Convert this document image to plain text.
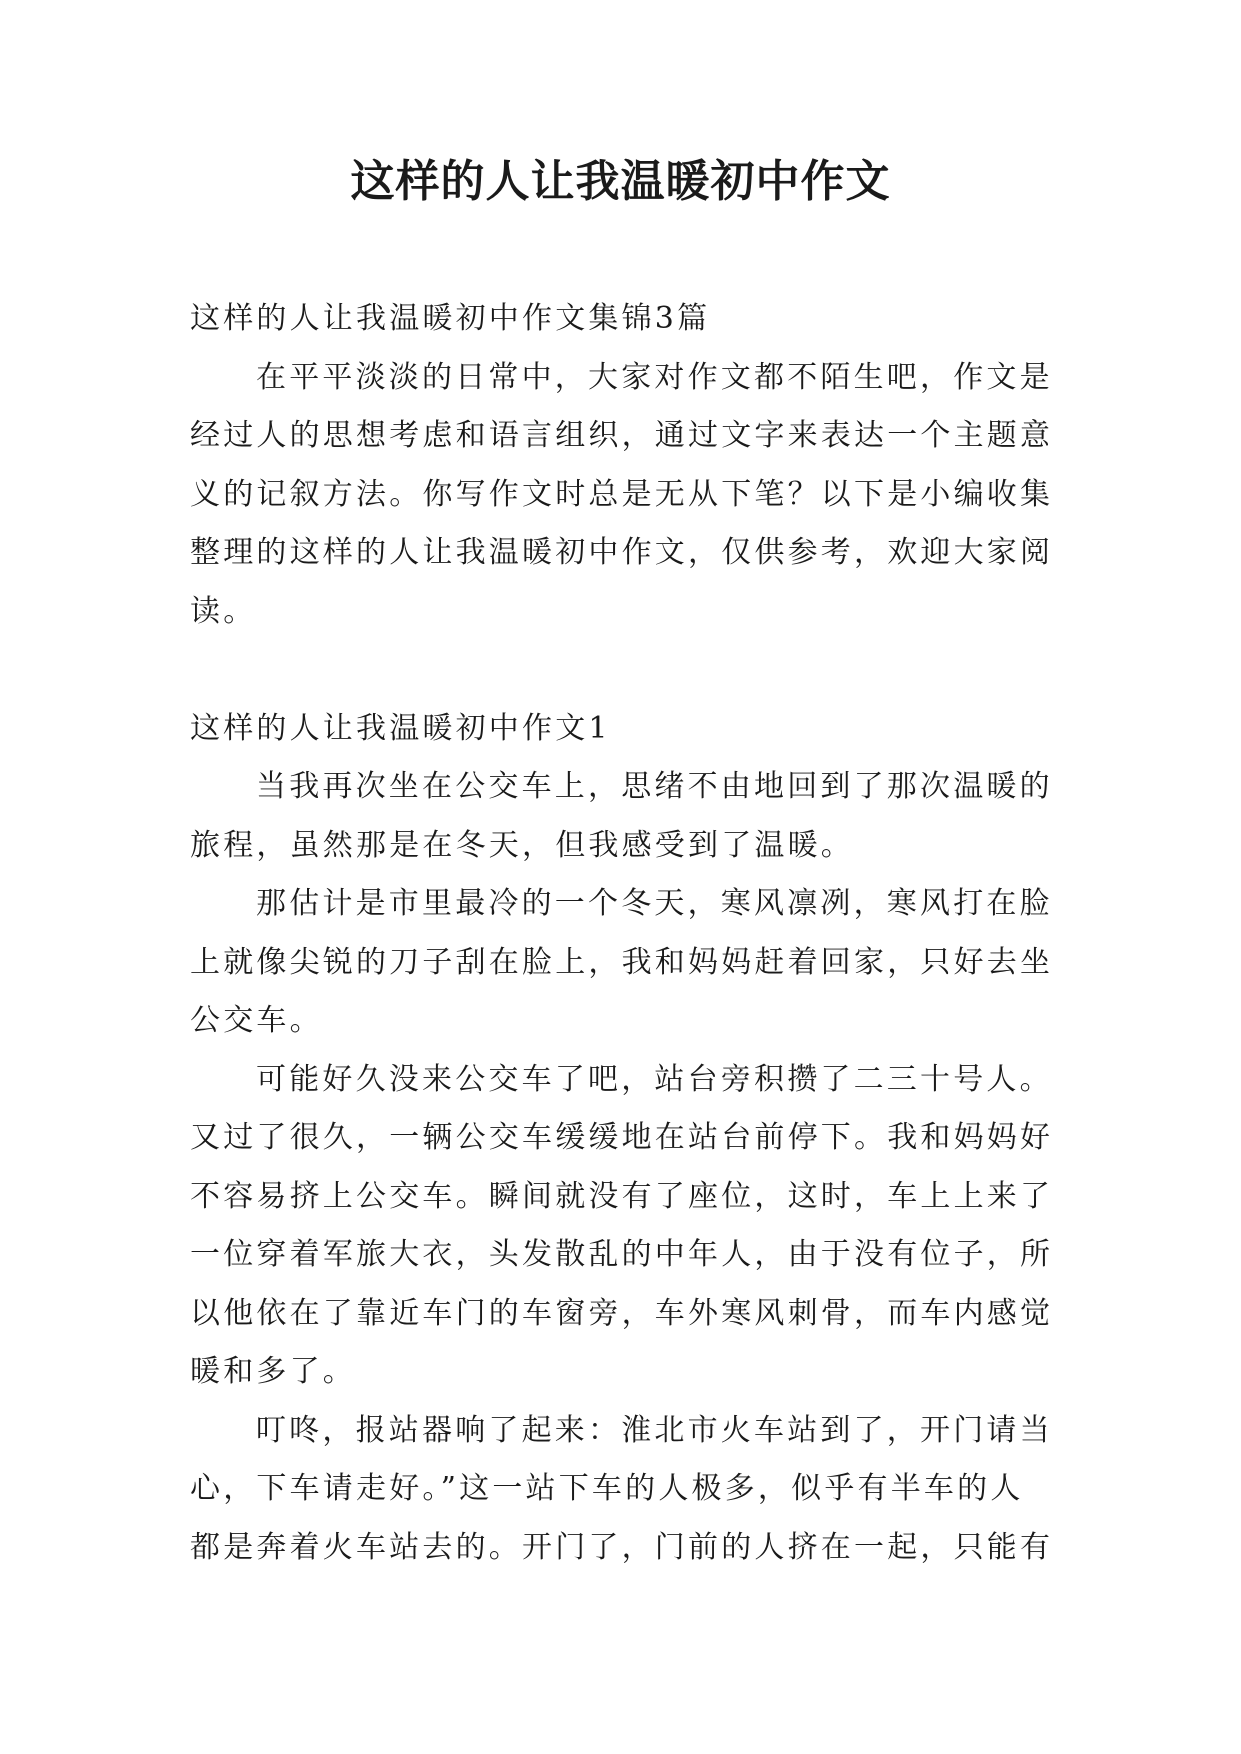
这样的人让我温暖初中作文
这样的人让我温暖初中作文集锦3篇
在平平淡淡的日常中，大家对作文都不陌生吧，作文是
经过人的思想考虑和语言组织，通过文字来表达一个主题意
义的记叙方法。你写作文时总是无从下笔？以下是小编收集
整理的这样的人让我温暖初中作文，仅供参考，欢迎大家阅
读。
这样的人让我温暖初中作文1
当我再次坐在公交车上，思绪不由地回到了那次温暖的
旅程，虽然那是在冬天，但我感受到了温暖。
那估计是市里最冷的一个冬天，寒风凛冽，寒风打在脸
上就像尖锐的刀子刮在脸上，我和妈妈赶着回家，只好去坐
公交车。
可能好久没来公交车了吧，站台旁积攒了二三十号人。
又过了很久，一辆公交车缓缓地在站台前停下。我和妈妈好
不容易挤上公交车。瞬间就没有了座位，这时，车上上来了
一位穿着军旅大衣，头发散乱的中年人，由于没有位子，所
以他依在了靠近车门的车窗旁，车外寒风刺骨，而车内感觉
暖和多了。
叮咚，报站器响了起来：淮北市火车站到了，开门请当
心，下车请走好。”这一站下车的人极多，似乎有半车的人
都是奔着火车站去的。开门了，门前的人挤在一起，只能有
